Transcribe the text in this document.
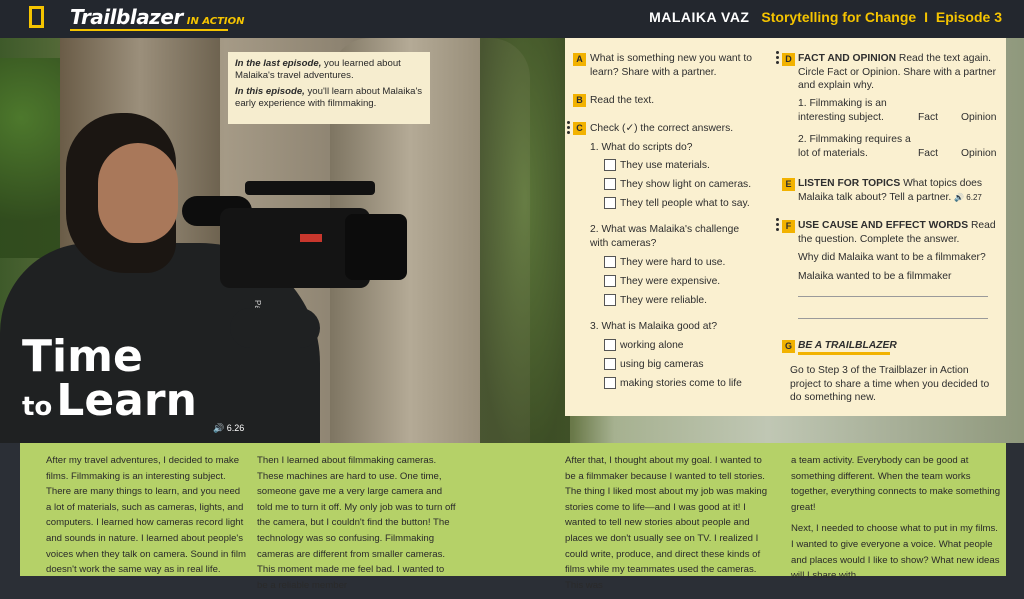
Trailblazer IN ACTION	MALAIKA VAZ Storytelling for Change I Episode 3

In the last episode, you learned about Malaika's travel adventures.

In this episode, you'll learn about Malaika's early experience with filmmaking.

Time
toLearn
🔊 6.26
A What is something new you want to learn? Share with a partner.
B Read the text.
C Check (✓) the correct answers.
1. What do scripts do?
They use materials.
They show light on cameras.
They tell people what to say.
2. What was Malaika's challenge with cameras?
They were hard to use.
They were expensive.
They were reliable.
3. What is Malaika good at?
working alone
using big cameras
making stories come to life
D FACT AND OPINION Read the text again. Circle Fact or Opinion. Share with a partner and explain why.
1. Filmmaking is an interesting subject.	Fact Opinion
2. Filmmaking requires a lot of materials.	Fact Opinion
E LISTEN FOR TOPICS What topics does Malaika talk about? Tell a partner. 🔊 6.27
F USE CAUSE AND EFFECT WORDS Read the question. Complete the answer.
Why did Malaika want to be a filmmaker?
Malaika wanted to be a filmmaker
G BE A TRAILBLAZER
Go to Step 3 of the Trailblazer in Action project to share a time when you decided to do something new.

After my travel adventures, I decided to make films. Filmmaking is an interesting subject. There are many things to learn, and you need a lot of materials, such as cameras, lights, and computers. I learned how cameras record light and sounds in nature. I learned about people's voices when they talk on camera. Sound in film doesn't work the same way as in real life.

Then I learned about filmmaking cameras. These machines are hard to use. One time, someone gave me a very large camera and told me to turn it off. My only job was to turn off the camera, but I couldn't find the button! The technology was so confusing. Filmmaking cameras are different from smaller cameras. This moment made me feel bad. I wanted to be a reliable member

After that, I thought about my goal. I wanted to be a filmmaker because I wanted to tell stories. The thing I liked most about my job was making stories come to life—and I was good at it! I wanted to tell new stories about people and places we don't usually see on TV. I realized I could write, produce, and direct these kinds of films while my teammates used the cameras. This was

a team activity. Everybody can be good at something different. When the team works together, everything connects to make something great!

Next, I needed to choose what to put in my films. I wanted to give everyone a voice. What people and places would I like to show? What new ideas will I share with
